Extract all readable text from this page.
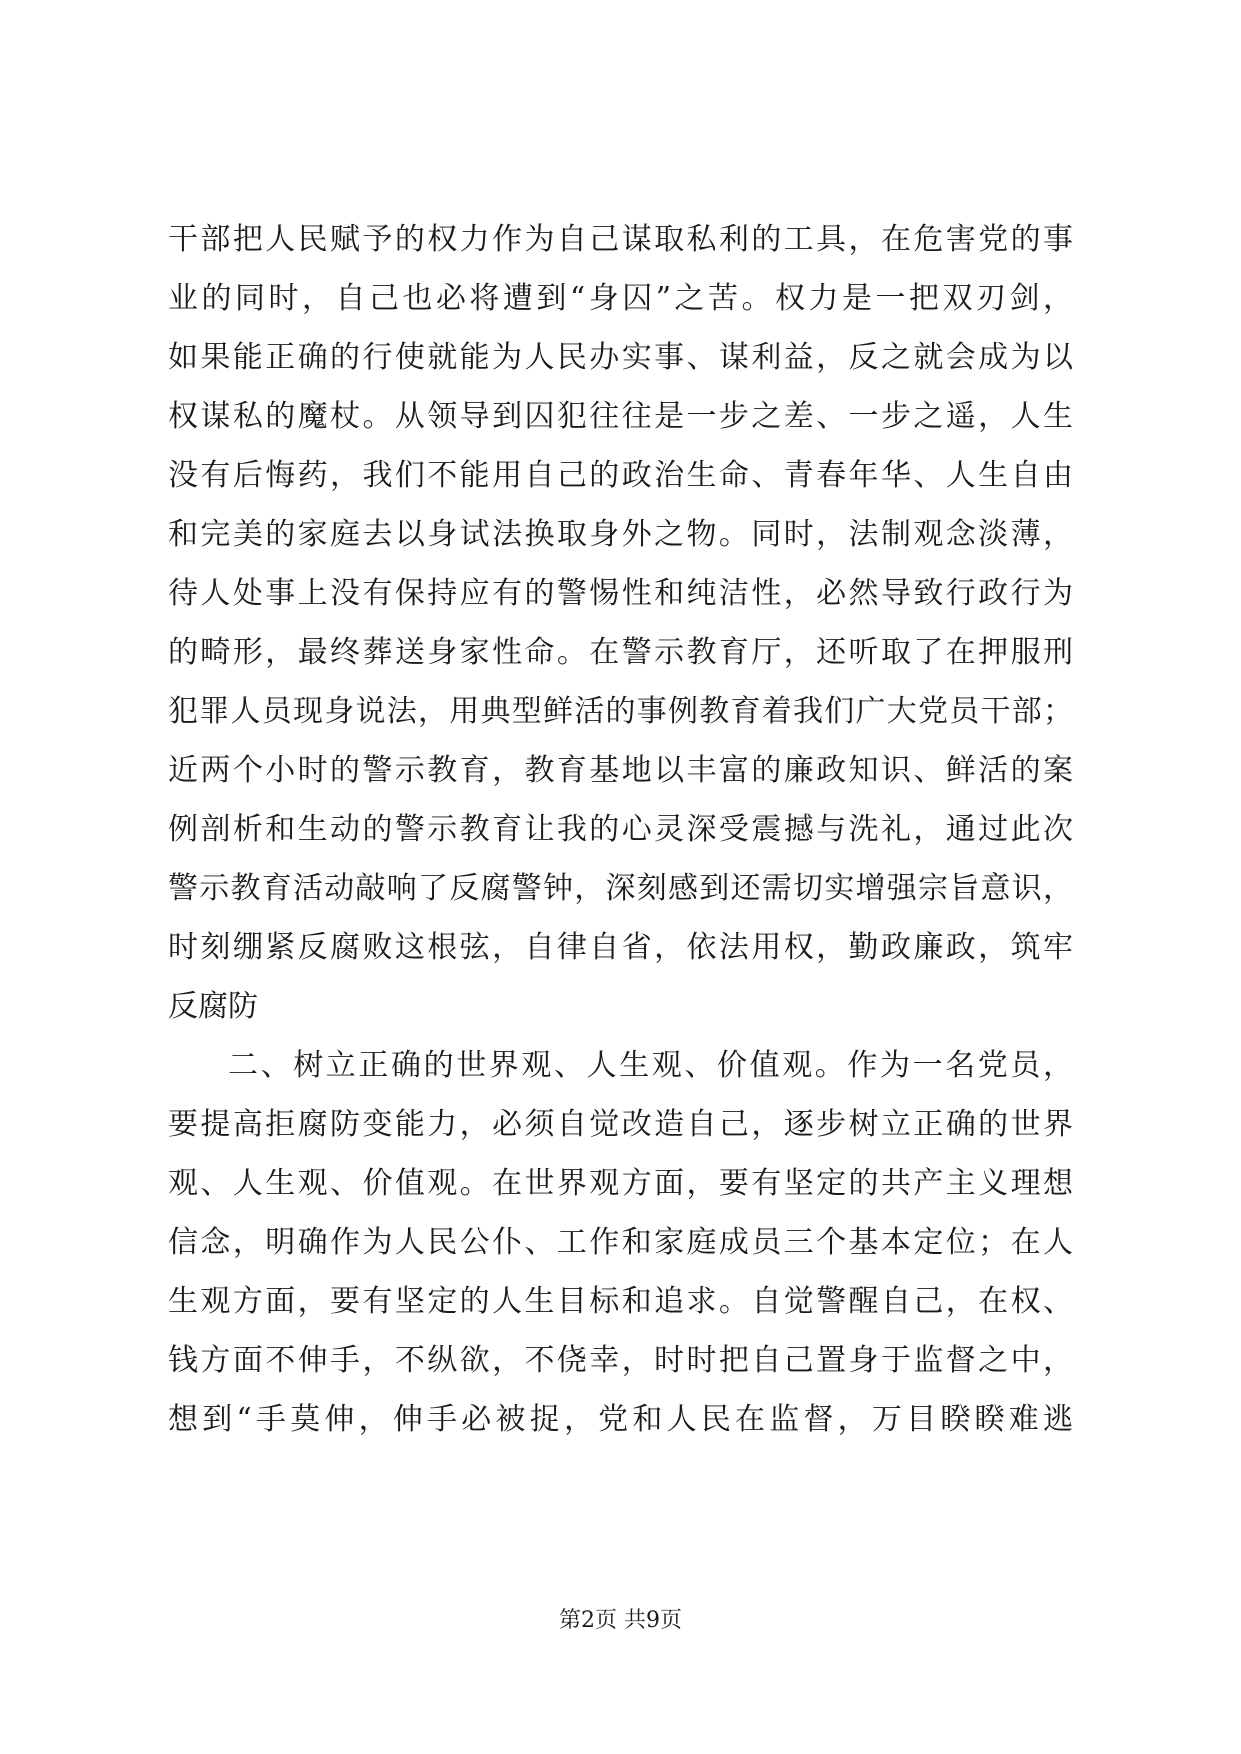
干部把人民赋予的权力作为自己谋取私利的工具，在危害党的事
业的同时，自己也必将遭到“身囚”之苦。权力是一把双刃剑，
如果能正确的行使就能为人民办实事、谋利益，反之就会成为以
权谋私的魔杖。从领导到囚犯往往是一步之差、一步之遥，人生
没有后悔药，我们不能用自己的政治生命、青春年华、人生自由
和完美的家庭去以身试法换取身外之物。同时，法制观念淡薄，
待人处事上没有保持应有的警惕性和纯洁性，必然导致行政行为
的畸形，最终葬送身家性命。在警示教育厅，还听取了在押服刑
犯罪人员现身说法，用典型鲜活的事例教育着我们广大党员干部；
近两个小时的警示教育，教育基地以丰富的廉政知识、鲜活的案
例剖析和生动的警示教育让我的心灵深受震撼与洗礼，通过此次
警示教育活动敲响了反腐警钟，深刻感到还需切实增强宗旨意识，
时刻绷紧反腐败这根弦，自律自省，依法用权，勤政廉政，筑牢
反腐防
二、树立正确的世界观、人生观、价值观。作为一名党员，
要提高拒腐防变能力，必须自觉改造自己，逐步树立正确的世界
观、人生观、价值观。在世界观方面，要有坚定的共产主义理想
信念，明确作为人民公仆、工作和家庭成员三个基本定位；在人
生观方面，要有坚定的人生目标和追求。自觉警醒自己，在权、
钱方面不伸手，不纵欲，不侥幸，时时把自己置身于监督之中，
想到“手莫伸，伸手必被捉，党和人民在监督，万目睽睽难逃
第2页 共9页
